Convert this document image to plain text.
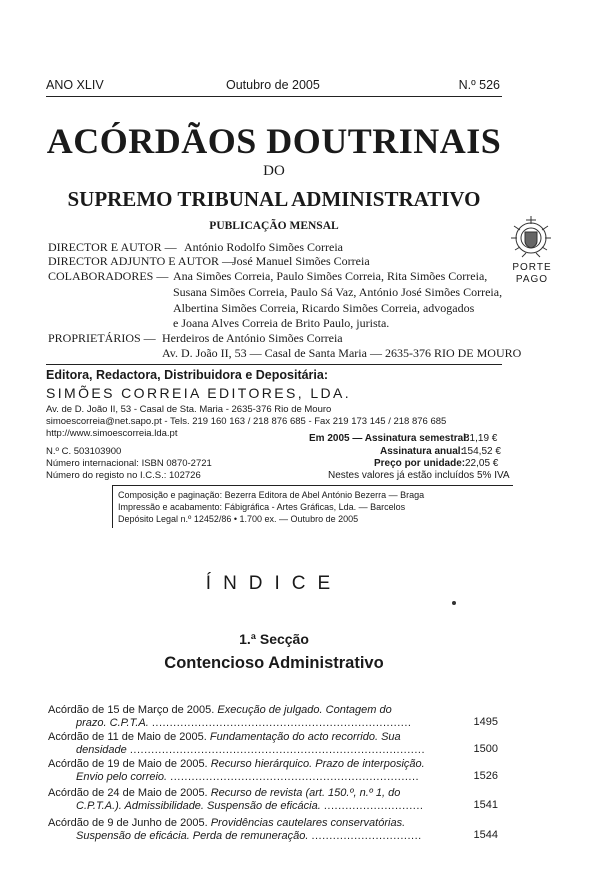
ANO XLIV	Outubro de 2005	N.º 526
ACÓRDÃOS DOUTRINAIS
DO
SUPREMO TRIBUNAL ADMINISTRATIVO
PUBLICAÇÃO MENSAL
DIRECTOR E AUTOR — António Rodolfo Simões Correia
DIRECTOR ADJUNTO E AUTOR —
José Manuel Simões Correia
COLABORADORES — Ana Simões Correia, Paulo Simões Correia, Rita Simões Correia,
Susana Simões Correia, Paulo Sá Vaz, António José Simões Correia,
Albertina Simões Correia, Ricardo Simões Correia, advogados
e Joana Alves Correia de Brito Paulo, jurista.
PROPRIETÁRIOS — Herdeiros de António Simões Correia
Av. D. João II, 53 — Casal de Santa Maria — 2635-376 RIO DE MOURO
PORTE
PAGO
Editora, Redactora, Distribuidora e Depositária:
SIMÕES CORREIA EDITORES, LDA.
Av. de D. João II, 53 - Casal de Sta. Maria - 2635-376 Rio de Mouro
simoescorreia@net.sapo.pt - Tels. 219 160 163 / 218 876 685 - Fax 219 173 145 / 218 876 685
http://www.simoescorreia.lda.pt
N.º C. 503103900
Número internacional: ISBN 0870-2721
Número do registo no I.C.S.: 102726
Em 2005 — Assinatura semestral:
81,19 €
Assinatura anual:
154,52 €
Preço por unidade: 22,05 €
Nestes valores já estão incluídos 5% IVA
Composição e paginação: Bezerra Editora de Abel António Bezerra — Braga
Impressão e acabamento: Fábigráfica - Artes Gráficas, Lda. — Barcelos
Depósito Legal n.º 12452/86 • 1.700 ex. — Outubro de 2005
ÍNDICE
1.ª Secção
Contencioso Administrativo
Acórdão de 15 de Março de 2005. Execução de julgado. Contagem do
prazo. C.P.T.A. .........................................................................	1495
Acórdão de 11 de Maio de 2005. Fundamentação do acto recorrido. Sua
densidade ...................................................................................	1500
Acórdão de 19 de Maio de 2005. Recurso hierárquico. Prazo de interposição.
Envio pelo correio. ......................................................................	1526
Acórdão de 24 de Maio de 2005. Recurso de revista (art. 150.º, n.º 1, do
C.P.T.A.). Admissibilidade. Suspensão de eficácia. ............................	1541
Acórdão de 9 de Junho de 2005. Providências cautelares conservatórias.
Suspensão de eficácia. Perda de remuneração. ...............................	1544
